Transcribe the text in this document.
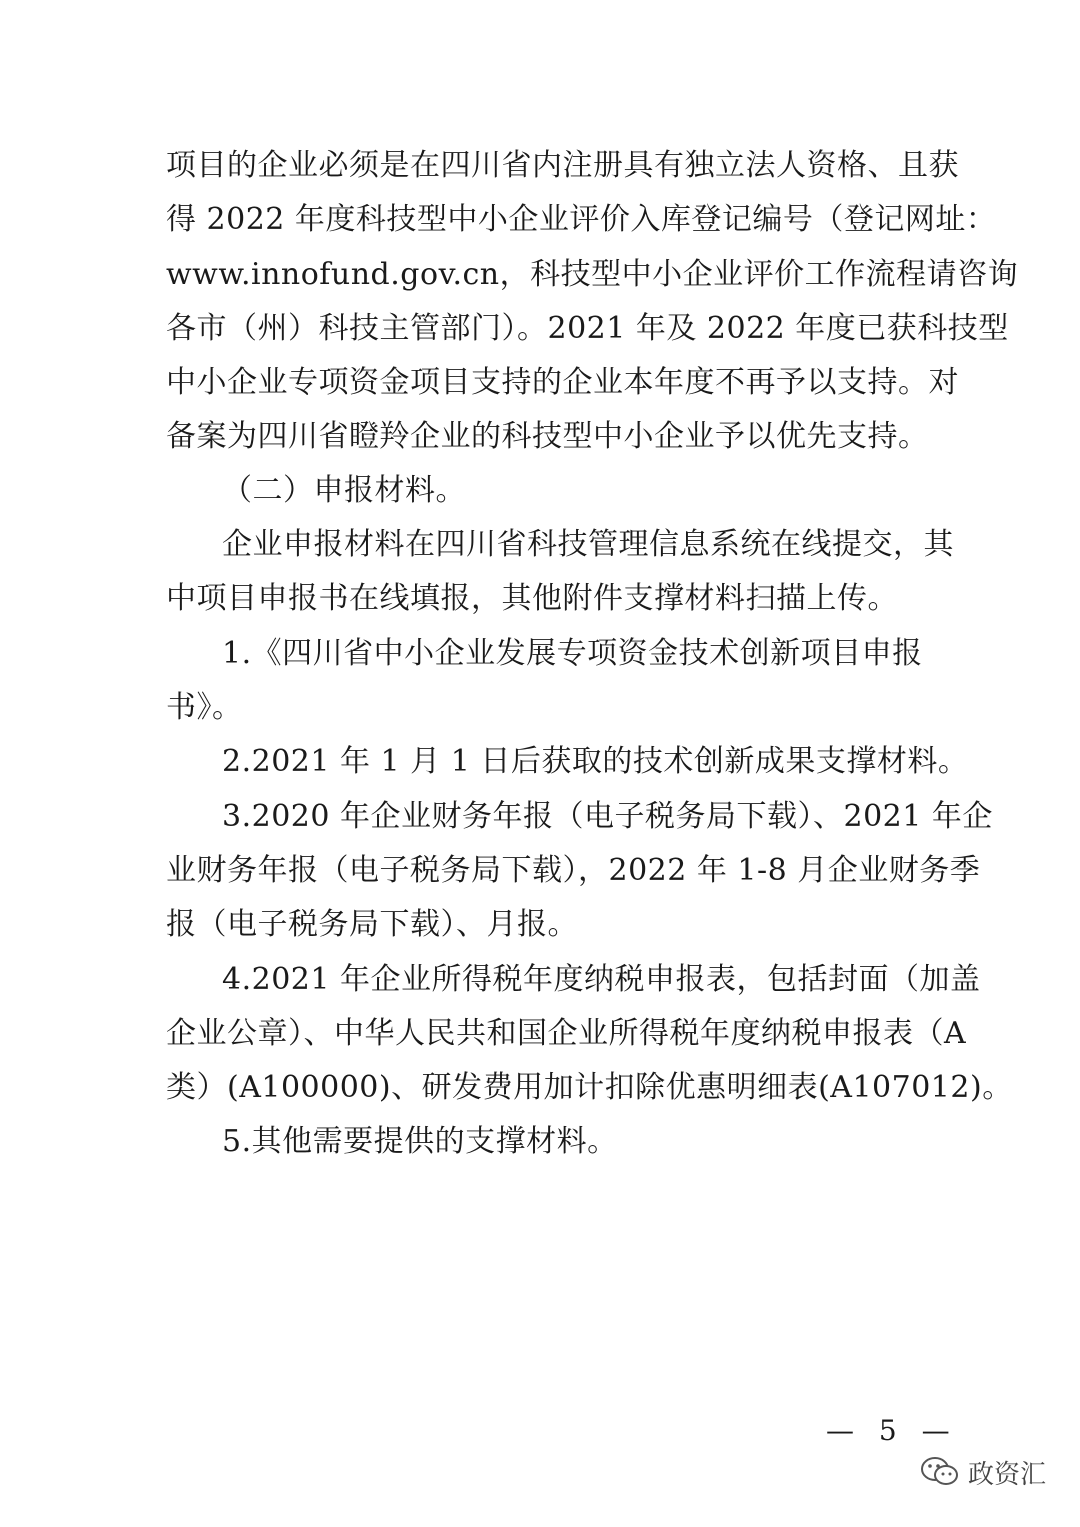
项目的企业必须是在四川省内注册具有独立法人资格、且获
得 2022 年度科技型中小企业评价入库登记编号（登记网址：
www.innofund.gov.cn，科技型中小企业评价工作流程请咨询
各市（州）科技主管部门）。2021 年及 2022 年度已获科技型
中小企业专项资金项目支持的企业本年度不再予以支持。对
备案为四川省瞪羚企业的科技型中小企业予以优先支持。
（二）申报材料。
企业申报材料在四川省科技管理信息系统在线提交，其
中项目申报书在线填报，其他附件支撑材料扫描上传。
1.《四川省中小企业发展专项资金技术创新项目申报
书》。
2.2021 年 1 月 1 日后获取的技术创新成果支撑材料。
3.2020 年企业财务年报（电子税务局下载）、2021 年企
业财务年报（电子税务局下载），2022 年 1-8 月企业财务季
报（电子税务局下载）、月报。
4.2021 年企业所得税年度纳税申报表，包括封面（加盖
企业公章）、中华人民共和国企业所得税年度纳税申报表（A
类）(A100000)、研发费用加计扣除优惠明细表(A107012)。
5.其他需要提供的支撑材料。
— 5 —
政资汇
